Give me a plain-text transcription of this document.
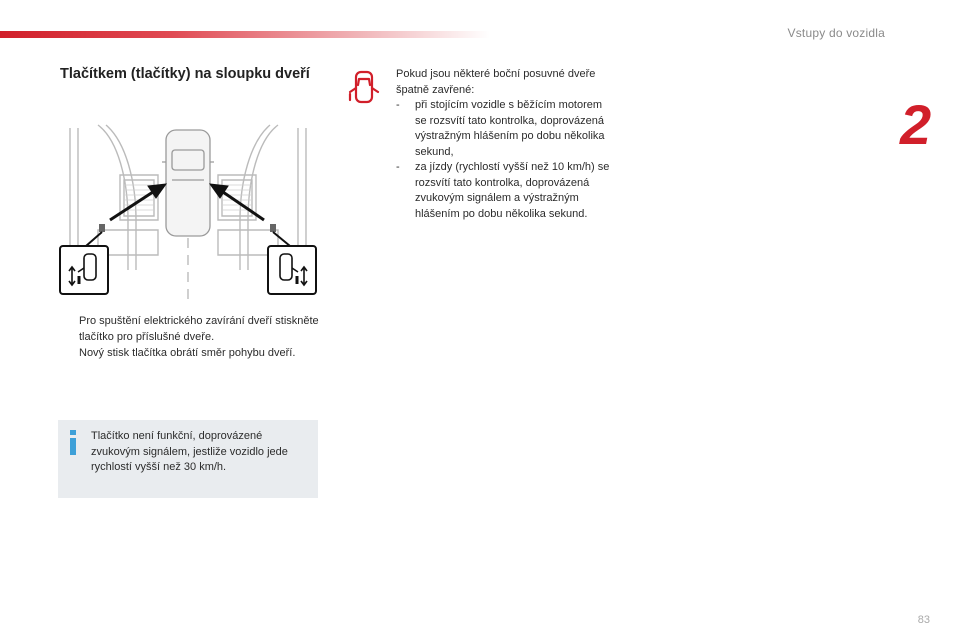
Vstupy do vozidla
2
Tlačítkem (tlačítky) na sloupku dveří
Pro spuštění elektrického zavírání dveří stiskněte tlačítko pro příslušné dveře.
Nový stisk tlačítka obrátí směr pohybu dveří.
Tlačítko není funkční, doprovázené zvukovým signálem, jestliže vozidlo jede rychlostí vyšší než 30 km/h.
Pokud jsou některé boční posuvné dveře špatně zavřené:
- při stojícím vozidle s běžícím motorem se rozsvítí tato kontrolka, doprovázená výstražným hlášením po dobu několika sekund,
- za jízdy (rychlostí vyšší než 10 km/h) se rozsvítí tato kontrolka, doprovázená zvukovým signálem a výstražným hlášením po dobu několika sekund.
83
